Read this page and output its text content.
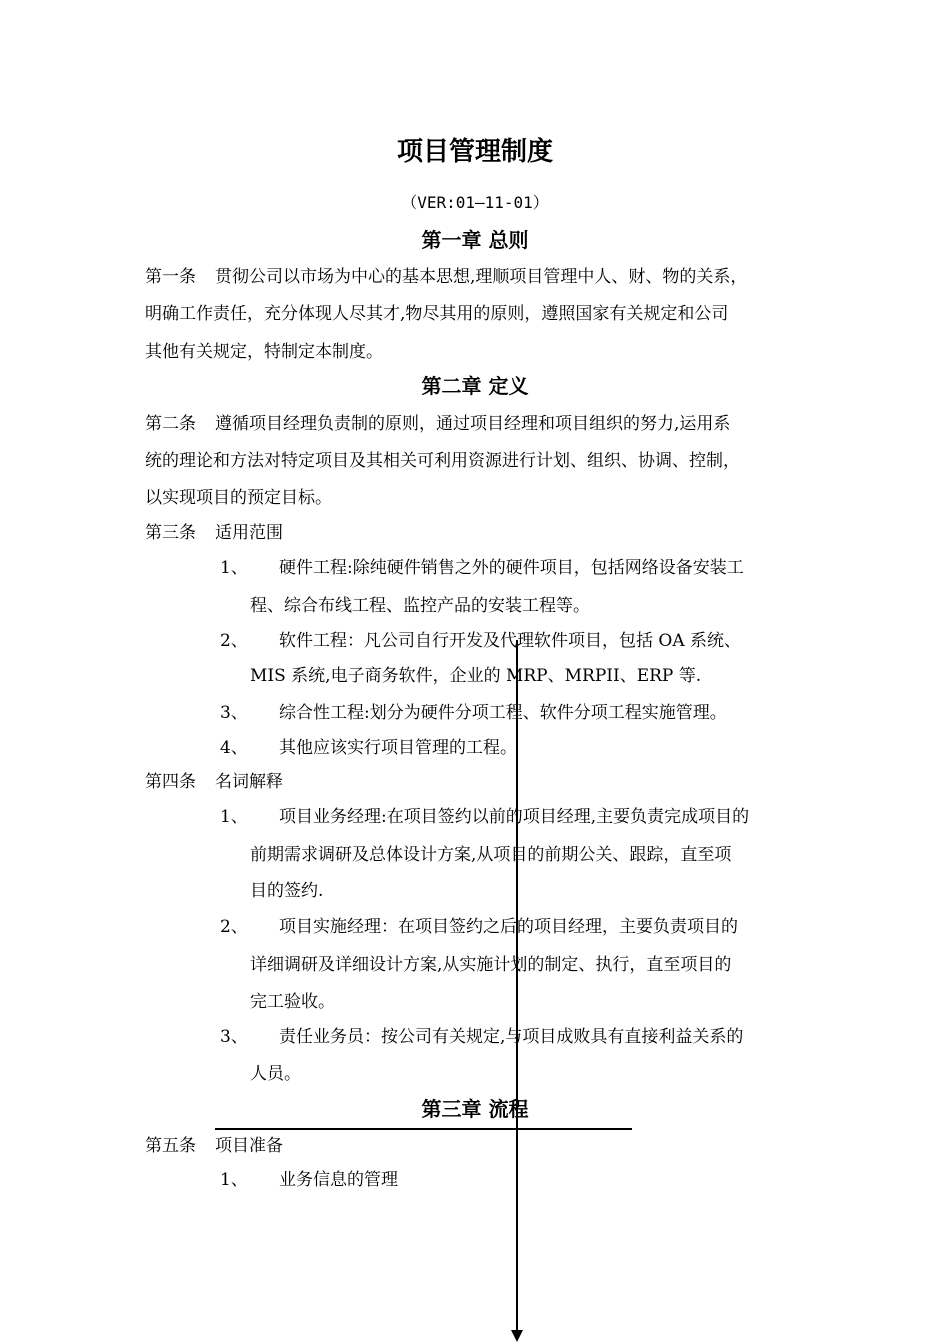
项目管理制度
（VER:01—11-01）
第一章 总则
第一条 贯彻公司以市场为中心的基本思想,理顺项目管理中人、财、物的关系，
明确工作责任，充分体现人尽其才,物尽其用的原则，遵照国家有关规定和公司
其他有关规定，特制定本制度。
第二章 定义
第二条 遵循项目经理负责制的原则，通过项目经理和项目组织的努力,运用系
统的理论和方法对特定项目及其相关可利用资源进行计划、组织、协调、控制，
以实现项目的预定目标。
第三条 适用范围
1、 硬件工程:除纯硬件销售之外的硬件项目，包括网络设备安装工
程、综合布线工程、监控产品的安装工程等。
2、 软件工程：凡公司自行开发及代理软件项目，包括 OA 系统、
MIS 系统,电子商务软件，企业的 MRP、MRPII、ERP 等.
3、 综合性工程:划分为硬件分项工程、软件分项工程实施管理。
4、 其他应该实行项目管理的工程。
第四条 名词解释
1、 项目业务经理:在项目签约以前的项目经理,主要负责完成项目的
前期需求调研及总体设计方案,从项目的前期公关、跟踪，直至项
目的签约.
2、 项目实施经理：在项目签约之后的项目经理，主要负责项目的
详细调研及详细设计方案,从实施计划的制定、执行，直至项目的
完工验收。
3、 责任业务员：按公司有关规定,与项目成败具有直接利益关系的
人员。
第三章 流程
第五条 项目准备
1、 业务信息的管理
